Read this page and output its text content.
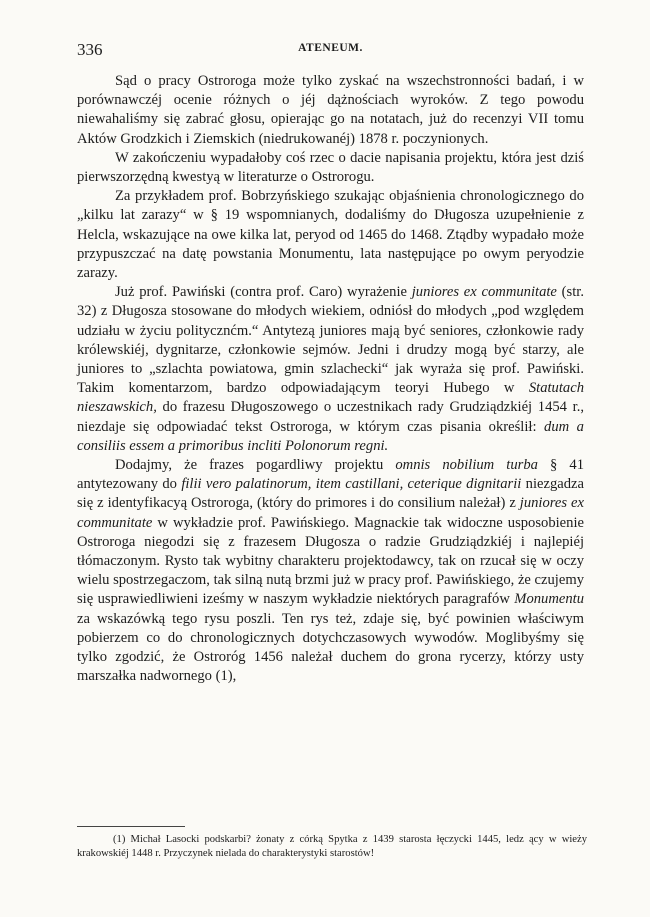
336	ATENEUM.

Sąd o pracy Ostroroga może tylko zyskać na wszechstronności badań, i w porównawczéj ocenie różnych o jéj dążnościach wyroków. Z tego powodu niewahaliśmy się zabrać głosu, opierając go na notatach, już do recenzyi VII tomu Aktów Grodzkich i Ziemskich (niedrukowanéj) 1878 r. poczynionych.

W zakończeniu wypadałoby coś rzec o dacie napisania projektu, która jest dziś pierwszorzędną kwestyą w literaturze o Ostrorogu.

Za przykładem prof. Bobrzyńskiego szukając objaśnienia chronologicznego do „kilku lat zarazy“ w § 19 wspomnianych, dodaliśmy do Długosza uzupełnienie z Helcla, wskazujące na owe kilka lat, peryod od 1465 do 1468. Ztądby wypadało może przypuszczać na datę powstania Monumentu, lata następujące po owym peryodzie zarazy.

Już prof. Pawiński (contra prof. Caro) wyrażenie juniores ex communitate (str. 32) z Długosza stosowane do młodych wiekiem, odniósł do młodych „pod względem udziału w życiu politycznćm.“ Antytezą juniores mają być seniores, członkowie rady królewskiéj, dygnitarze, członkowie sejmów. Jedni i drudzy mogą być starzy, ale juniores to „szlachta powiatowa, gmin szlachecki“ jak wyraża się prof. Pawiński. Takim komentarzom, bardzo odpowiadającym teoryi Hubego w Statutach nieszawskich, do frazesu Długoszowego o uczestnikach rady Grudziądzkiéj 1454 r., niezdaje się odpowiadać tekst Ostroroga, w którym czas pisania określił: dum a consiliis essem a primoribus incliti Polonorum regni.

Dodajmy, że frazes pogardliwy projektu omnis nobilium turba § 41 antytezowany do filii vero palatinorum, item castillani, ceterique dignitarii niezgadza się z identyfikacyą Ostroroga, (który do primores i do consilium należał) z juniores ex communitate w wykładzie prof. Pawińskiego. Magnackie tak widoczne usposobienie Ostroroga niegodzi się z frazesem Długosza o radzie Grudziądzkiéj i najlepiéj tłómaczonym. Rysto tak wybitny charakteru projektodawcy, tak on rzucał się w oczy wielu spostrzegaczom, tak silną nutą brzmi już w pracy prof. Pawińskiego, że czujemy się usprawiedliwieni iześmy w naszym wykładzie niektórych paragrafów Monumentu za wskazówką tego rysu poszli. Ten rys też, zdaje się, być powinien właściwym pobierzem co do chronologicznych dotychczasowych wywodów. Moglibyśmy się tylko zgodzić, że Ostroróg 1456 należał duchem do grona rycerzy, którzy usty marszałka nadwornego (1),

(1) Michał Lasocki podskarbi? żonaty z córką Spytka z 1439 starosta łęczycki 1445, ledz ący w wieży krakowskiéj 1448 r. Przyczynek nielada do charakterystyki starostów!
